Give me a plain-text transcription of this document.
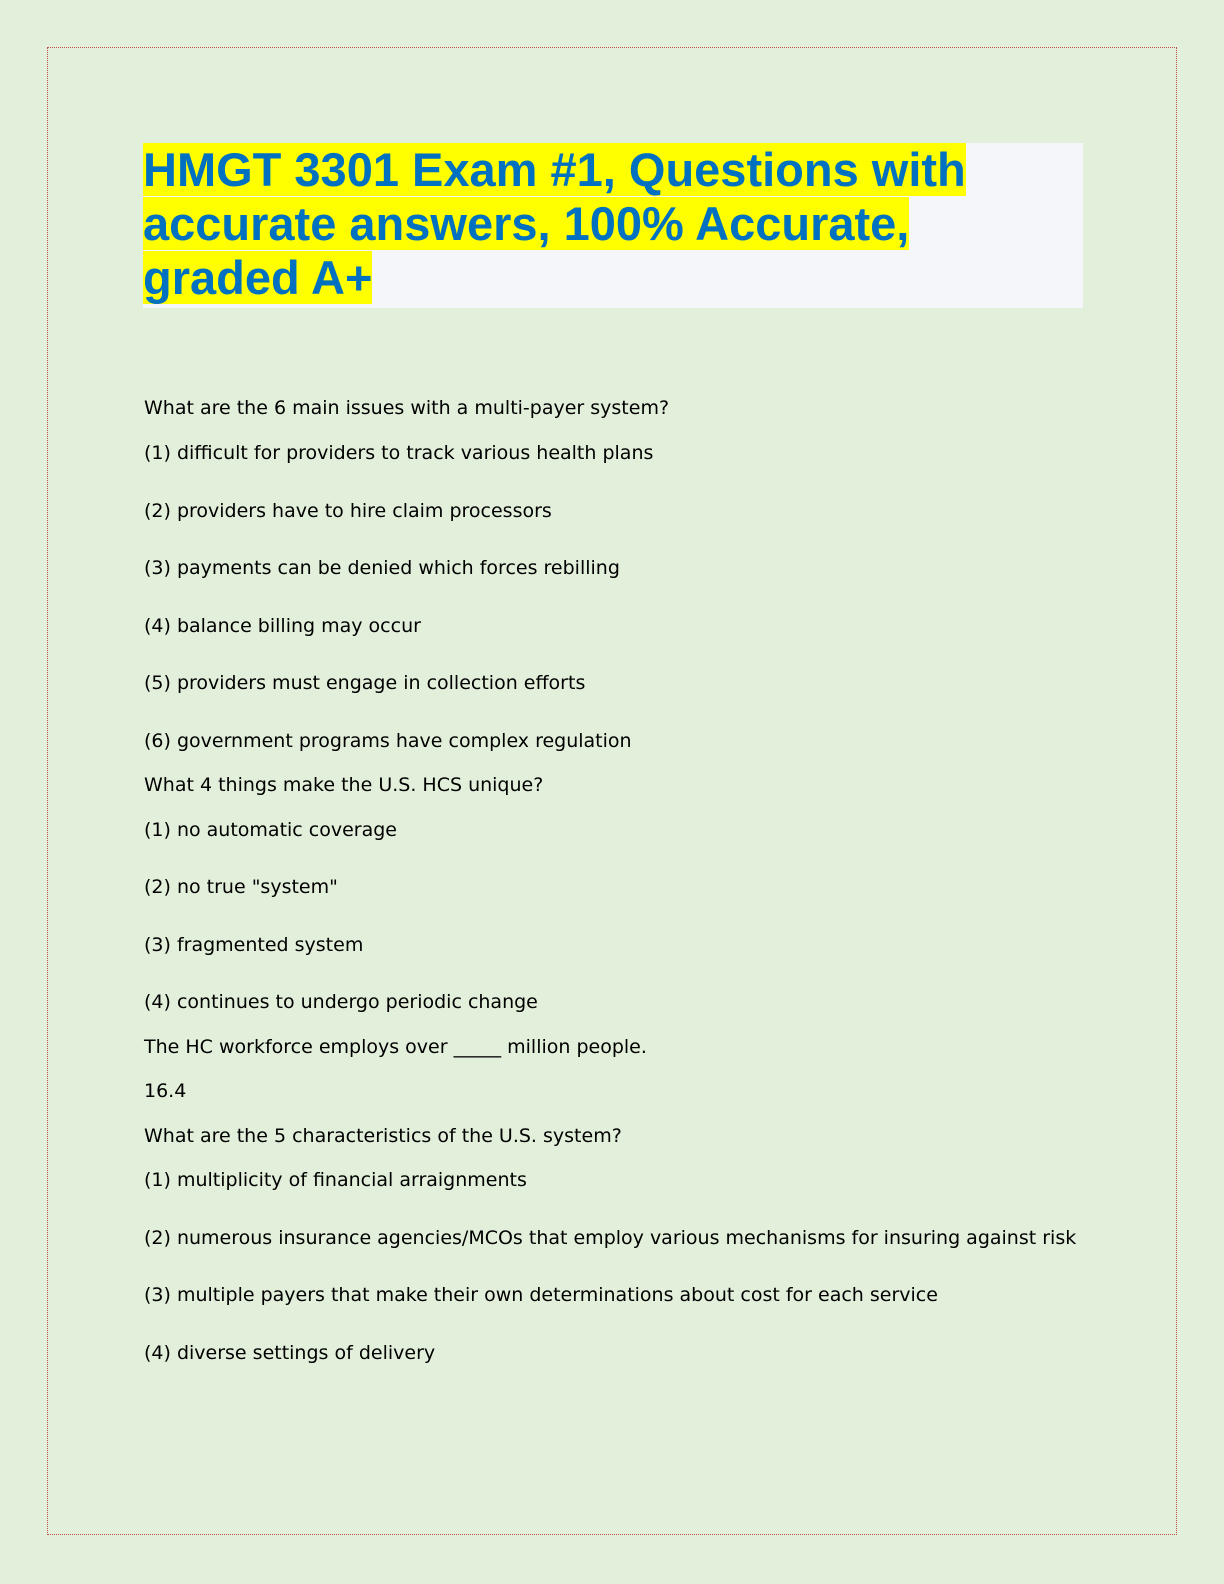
HMGT 3301 Exam #1, Questions with accurate answers, 100% Accurate, graded A+
What are the 6 main issues with a multi-payer system?
(1) difficult for providers to track various health plans
(2) providers have to hire claim processors
(3) payments can be denied which forces rebilling
(4) balance billing may occur
(5) providers must engage in collection efforts
(6) government programs have complex regulation
What 4 things make the U.S. HCS unique?
(1) no automatic coverage
(2) no true "system"
(3) fragmented system
(4) continues to undergo periodic change
The HC workforce employs over _____ million people.
16.4
What are the 5 characteristics of the U.S. system?
(1) multiplicity of financial arraignments
(2) numerous insurance agencies/MCOs that employ various mechanisms for insuring against risk
(3) multiple payers that make their own determinations about cost for each service
(4) diverse settings of delivery
